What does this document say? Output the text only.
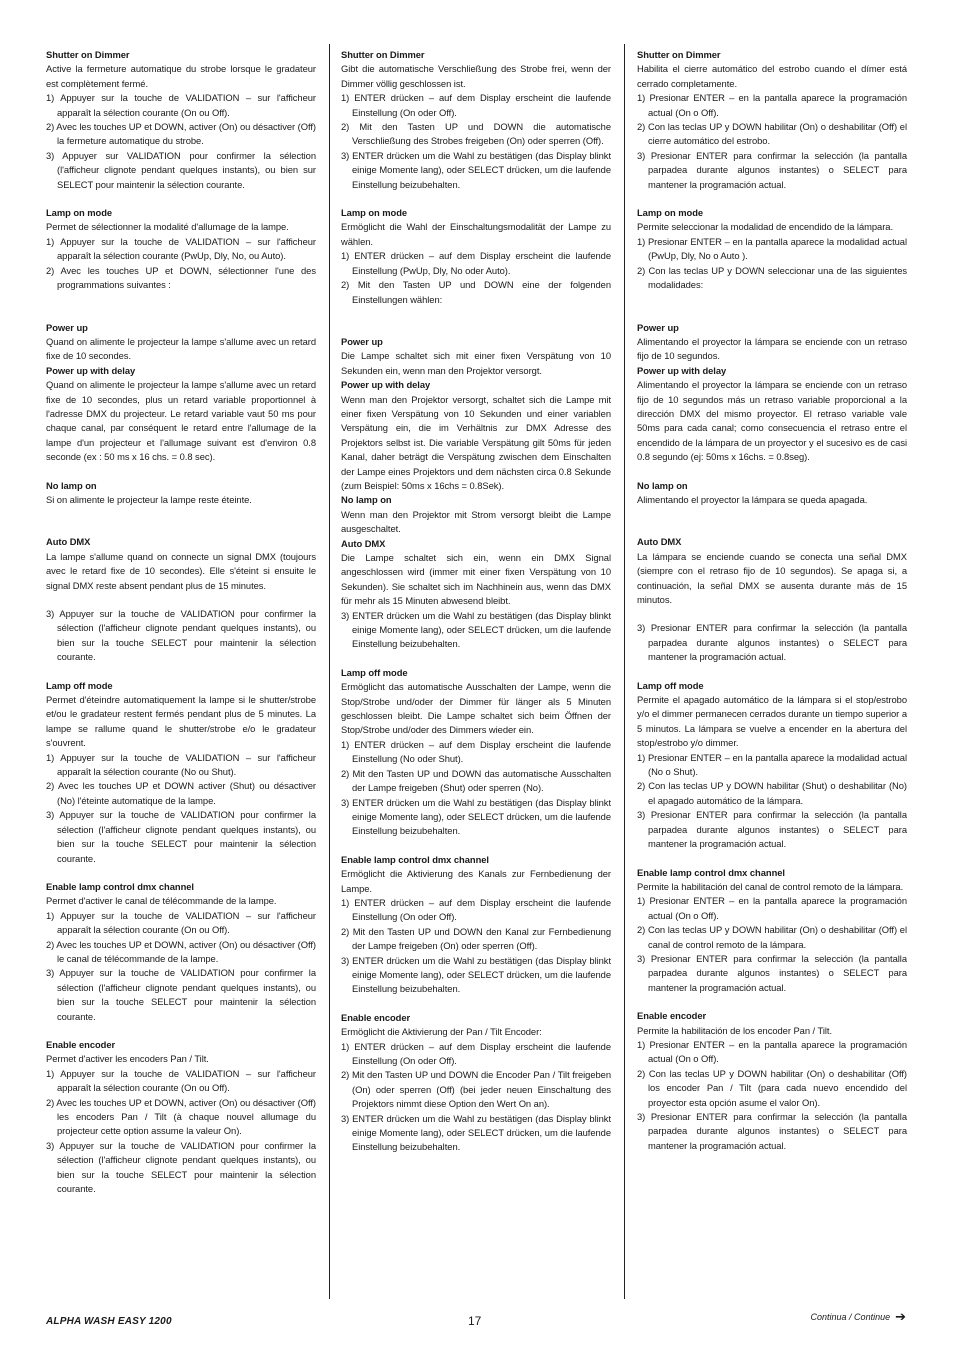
Shutter on Dimmer

Active la fermeture automatique du strobe lorsque le gradateur est complètement fermé.

1) Appuyer sur la touche de VALIDATION – sur l'afficheur apparaît la sélection courante (On ou Off).
2) Avec les touches UP et DOWN, activer (On) ou désactiver (Off) la fermeture automatique du strobe.
3) Appuyer sur VALIDATION pour confirmer la sélection (l'afficheur clignote pendant quelques instants), ou bien sur SELECT pour maintenir la sélection courante.

Lamp on mode

Permet de sélectionner la modalité d'allumage de la lampe.

1) Appuyer sur la touche de VALIDATION – sur l'afficheur apparaît la sélection courante (PwUp, Dly, No, ou Auto).
2) Avec les touches UP et DOWN, sélectionner l'une des programmations suivantes :

Power up

Quand on alimente le projecteur la lampe s'allume avec un retard fixe de 10 secondes.

Power up with delay

Quand on alimente le projecteur la lampe s'allume avec un retard fixe de 10 secondes, plus un retard variable proportionnel à l'adresse DMX du projecteur. Le retard variable vaut 50 ms pour chaque canal, par conséquent le retard entre l'allumage de la lampe d'un projecteur et l'allumage suivant est d'environ 0.8 seconde (ex : 50 ms x 16 chs. = 0.8 sec).

No lamp on

Si on alimente le projecteur la lampe reste éteinte.

Auto DMX

La lampe s'allume quand on connecte un signal DMX (toujours avec le retard fixe de 10 secondes). Elle s'éteint si ensuite le signal DMX reste absent pendant plus de 15 minutes.

3) Appuyer sur la touche de VALIDATION pour confirmer la sélection (l'afficheur clignote pendant quelques instants), ou bien sur la touche SELECT pour maintenir la sélection courante.

Lamp off mode

Permet d'éteindre automatiquement la lampe si le shutter/strobe et/ou le gradateur restent fermés pendant plus de 5 minutes. La lampe se rallume quand le shutter/strobe e/o le gradateur s'ouvrent.

1) Appuyer sur la touche de VALIDATION – sur l'afficheur apparaît la sélection courante (No ou Shut).
2) Avec les touches UP et DOWN activer (Shut) ou désactiver (No) l'éteinte automatique de la lampe.
3) Appuyer sur la touche de VALIDATION pour confirmer la sélection (l'afficheur clignote pendant quelques instants), ou bien sur la touche SELECT pour maintenir la sélection courante.

Enable lamp control dmx channel

Permet d'activer le canal de télécommande de la lampe.

1) Appuyer sur la touche de VALIDATION – sur l'afficheur apparaît la sélection courante (On ou Off).
2) Avec les touches UP et DOWN, activer (On) ou désactiver (Off) le canal de télécommande de la lampe.
3) Appuyer sur la touche de VALIDATION pour confirmer la sélection (l'afficheur clignote pendant quelques instants), ou bien sur la touche SELECT pour maintenir la sélection courante.

Enable encoder

Permet d'activer les encoders Pan / Tilt.

1) Appuyer sur la touche de VALIDATION – sur l'afficheur apparaît la sélection courante (On ou Off).
2) Avec les touches UP et DOWN, activer (On) ou désactiver (Off) les encoders Pan / Tilt (à chaque nouvel allumage du projecteur cette option assume la valeur On).
3) Appuyer sur la touche de VALIDATION pour confirmer la sélection (l'afficheur clignote pendant quelques instants), ou bien sur la touche SELECT pour maintenir la sélection courante.

Shutter on Dimmer

Gibt die automatische Verschließung des Strobe frei, wenn der Dimmer völlig geschlossen ist.

1) ENTER drücken – auf dem Display erscheint die laufende Einstellung (On oder Off).
2) Mit den Tasten UP und DOWN die automatische Verschließung des Strobes freigeben (On) oder sperren (Off).
3) ENTER drücken um die Wahl zu bestätigen (das Display blinkt einige Momente lang), oder SELECT drücken, um die laufende Einstellung beizubehalten.

Lamp on mode

Ermöglicht die Wahl der Einschaltungsmodalität der Lampe zu wählen.

1) ENTER drücken – auf dem Display erscheint die laufende Einstellung (PwUp, Dly, No oder Auto).
2) Mit den Tasten UP und DOWN eine der folgenden Einstellungen wählen:

Power up

Die Lampe schaltet sich mit einer fixen Verspätung von 10 Sekunden ein, wenn man den Projektor versorgt.

Power up with delay

Wenn man den Projektor versorgt, schaltet sich die Lampe mit einer fixen Verspätung von 10 Sekunden und einer variablen Verspätung ein, die im Verhältnis zur DMX Adresse des Projektors selbst ist. Die variable Verspätung gilt 50ms für jeden Kanal, daher beträgt die Verspätung zwischen dem Einschalten der Lampe eines Projektors und dem nächsten circa 0.8 Sekunde (zum Beispiel: 50ms x 16chs = 0.8Sek).

No lamp on

Wenn man den Projektor mit Strom versorgt bleibt die Lampe ausgeschaltet.

Auto DMX

Die Lampe schaltet sich ein, wenn ein DMX Signal angeschlossen wird (immer mit einer fixen Verspätung von 10 Sekunden). Sie schaltet sich im Nachhinein aus, wenn das DMX für mehr als 15 Minuten abwesend bleibt.

3) ENTER drücken um die Wahl zu bestätigen (das Display blinkt einige Momente lang), oder SELECT drücken, um die laufende Einstellung beizubehalten.

Lamp off mode

Ermöglicht das automatische Ausschalten der Lampe, wenn die Stop/Strobe und/oder der Dimmer für länger als 5 Minuten geschlossen bleibt. Die Lampe schaltet sich beim Öffnen der Stop/Strobe und/oder des Dimmers wieder ein.

1) ENTER drücken – auf dem Display erscheint die laufende Einstellung (No oder Shut).
2) Mit den Tasten UP und DOWN das automatische Ausschalten der Lampe freigeben (Shut) oder sperren (No).
3) ENTER drücken um die Wahl zu bestätigen (das Display blinkt einige Momente lang), oder SELECT drücken, um die laufende Einstellung beizubehalten.

Enable lamp control dmx channel

Ermöglicht die Aktivierung des Kanals zur Fernbedienung der Lampe.

1) ENTER drücken – auf dem Display erscheint die laufende Einstellung (On oder Off).
2) Mit den Tasten UP und DOWN den Kanal zur Fernbedienung der Lampe freigeben (On) oder sperren (Off).
3) ENTER drücken um die Wahl zu bestätigen (das Display blinkt einige Momente lang), oder SELECT drücken, um die laufende Einstellung beizubehalten.

Enable encoder

Ermöglicht die Aktivierung der Pan / Tilt Encoder:

1) ENTER drücken – auf dem Display erscheint die laufende Einstellung (On oder Off).
2) Mit den Tasten UP und DOWN die Encoder Pan / Tilt freigeben (On) oder sperren (Off) (bei jeder neuen Einschaltung des Projektors nimmt diese Option den Wert On an).
3) ENTER drücken um die Wahl zu bestätigen (das Display blinkt einige Momente lang), oder SELECT drücken, um die laufende Einstellung beizubehalten.

Shutter on Dimmer

Habilita el cierre automático del estrobo cuando el dímer está cerrado completamente.

1) Presionar ENTER – en la pantalla aparece la programación actual (On o Off).
2) Con las teclas UP y DOWN habilitar (On) o deshabilitar (Off) el cierre automático del estrobo.
3) Presionar ENTER para confirmar la selección (la pantalla parpadea durante algunos instantes) o SELECT para mantener la programación actual.

Lamp on mode

Permite seleccionar la modalidad de encendido de la lámpara.

1) Presionar ENTER – en la pantalla aparece la modalidad actual (PwUp, Dly, No o Auto ).
2) Con las teclas UP y DOWN seleccionar una de las siguientes modalidades:

Power up

Alimentando el proyector la lámpara se enciende con un retraso fijo de 10 segundos.

Power up with delay

Alimentando el proyector la lámpara se enciende con un retraso fijo de 10 segundos más un retraso variable proporcional a la dirección DMX del mismo proyector. El retraso variable vale 50ms para cada canal; como consecuencia el retraso entre el encendido de la lámpara de un proyector y el sucesivo es de casi 0.8 segundo (ej: 50ms x 16chs. = 0.8seg).

No lamp on

Alimentando el proyector la lámpara se queda apagada.

Auto DMX

La lámpara se enciende cuando se conecta una señal DMX (siempre con el retraso fijo de 10 segundos). Se apaga si, a continuación, la señal DMX se ausenta durante más de 15 minutos.

3) Presionar ENTER para confirmar la selección (la pantalla parpadea durante algunos instantes) o SELECT para mantener la programación actual.

Lamp off mode

Permite el apagado automático de la lámpara si el stop/estrobo y/o el dimmer permanecen cerrados durante un tiempo superior a 5 minutos. La lámpara se vuelve a encender en la abertura del stop/estrobo y/o dimmer.

1) Presionar ENTER – en la pantalla aparece la modalidad actual (No o Shut).
2) Con las teclas UP y DOWN habilitar (Shut) o deshabilitar (No) el apagado automático de la lámpara.
3) Presionar ENTER para confirmar la selección (la pantalla parpadea durante algunos instantes) o SELECT para mantener la programación actual.

Enable lamp control dmx channel

Permite la habilitación del canal de control remoto de la lámpara.

1) Presionar ENTER – en la pantalla aparece la programación actual (On o Off).
2) Con las teclas UP y DOWN habilitar (On) o deshabilitar (Off) el canal de control remoto de la lámpara.
3) Presionar ENTER para confirmar la selección (la pantalla parpadea durante algunos instantes) o SELECT para mantener la programación actual.

Enable encoder

Permite la habilitación de los encoder Pan / Tilt.

1) Presionar ENTER – en la pantalla aparece la programación actual (On o Off).
2) Con las teclas UP y DOWN habilitar (On) o deshabilitar (Off) los encoder Pan / Tilt (para cada nuevo encendido del proyector esta opción asume el valor On).
3) Presionar ENTER para confirmar la selección (la pantalla parpadea durante algunos instantes) o SELECT para mantener la programación actual.
ALPHA WASH EASY 1200	17	Continua / Continue ➔
